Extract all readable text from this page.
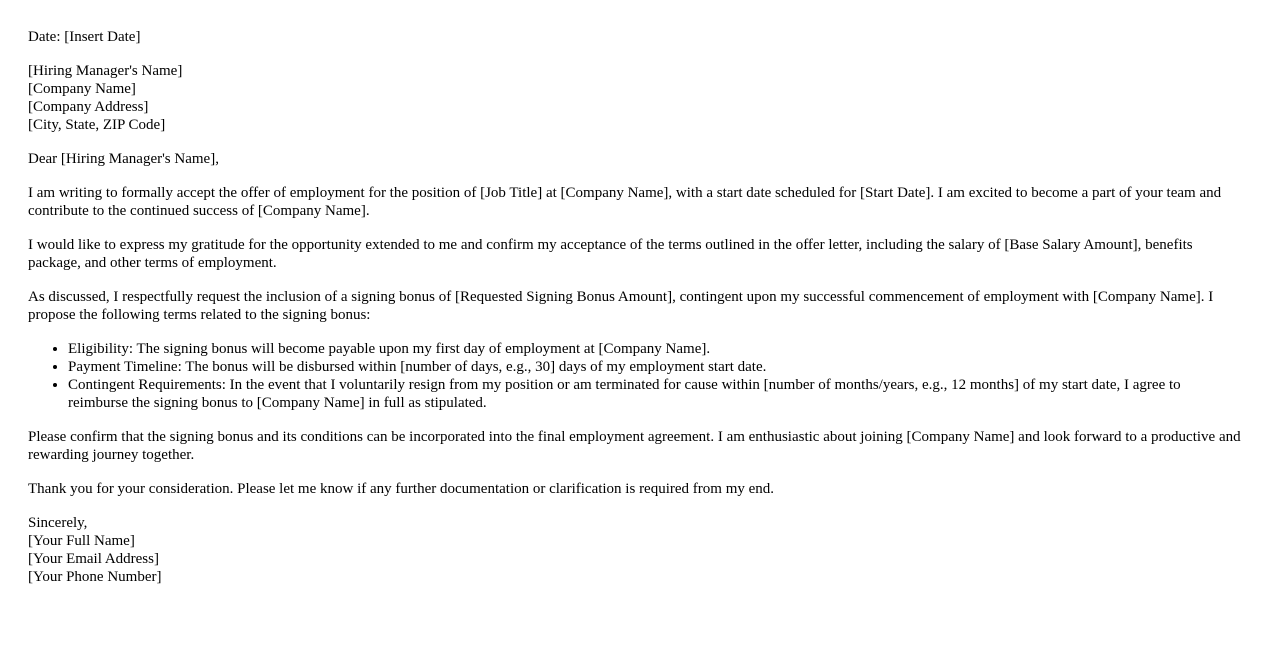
Date: [Insert Date]

[Hiring Manager's Name]
[Company Name]
[Company Address]
[City, State, ZIP Code]

Dear [Hiring Manager's Name],

I am writing to formally accept the offer of employment for the position of [Job Title] at [Company Name], with a start date scheduled for [Start Date]. I am excited to become a part of your team and contribute to the continued success of [Company Name].

I would like to express my gratitude for the opportunity extended to me and confirm my acceptance of the terms outlined in the offer letter, including the salary of [Base Salary Amount], benefits package, and other terms of employment.

As discussed, I respectfully request the inclusion of a signing bonus of [Requested Signing Bonus Amount], contingent upon my successful commencement of employment with [Company Name]. I propose the following terms related to the signing bonus:

• Eligibility: The signing bonus will become payable upon my first day of employment at [Company Name].
• Payment Timeline: The bonus will be disbursed within [number of days, e.g., 30] days of my employment start date.
• Contingent Requirements: In the event that I voluntarily resign from my position or am terminated for cause within [number of months/years, e.g., 12 months] of my start date, I agree to reimburse the signing bonus to [Company Name] in full as stipulated.

Please confirm that the signing bonus and its conditions can be incorporated into the final employment agreement. I am enthusiastic about joining [Company Name] and look forward to a productive and rewarding journey together.

Thank you for your consideration. Please let me know if any further documentation or clarification is required from my end.

Sincerely,
[Your Full Name]
[Your Email Address]
[Your Phone Number]
